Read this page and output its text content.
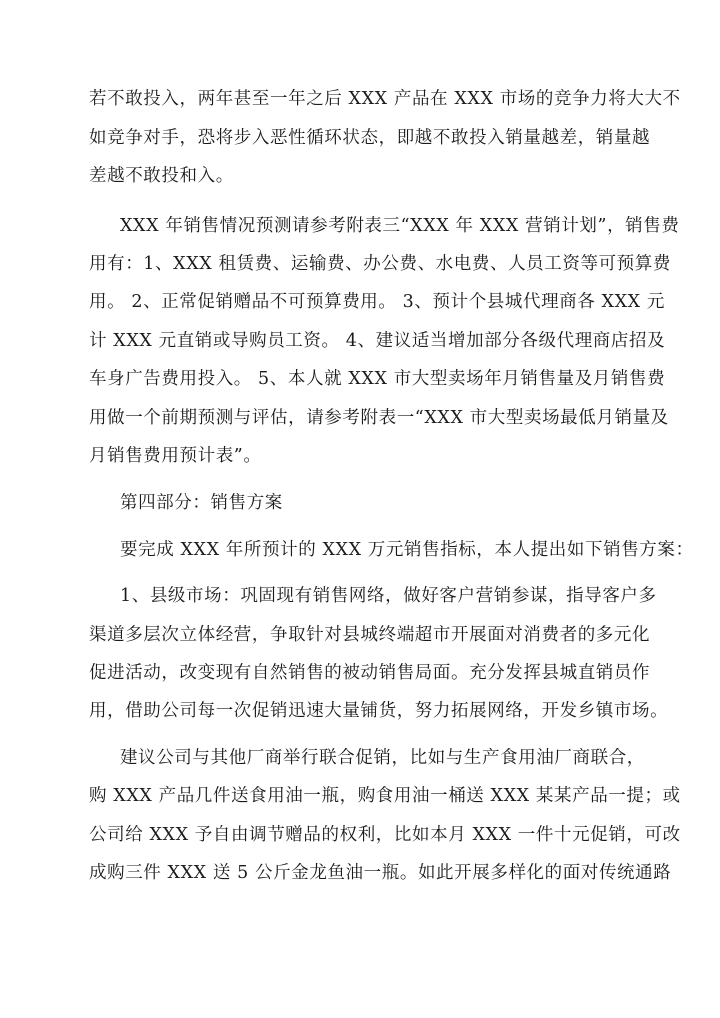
若不敢投入，两年甚至一年之后 XXX 产品在 XXX 市场的竞争力将大大不
如竞争对手，恐将步入恶性循环状态，即越不敢投入销量越差，销量越
差越不敢投和入。
XXX 年销售情况预测请参考附表三“XXX 年 XXX 营销计划”，销售费
用有：1、XXX 租赁费、运输费、办公费、水电费、人员工资等可预算费
用。 2、正常促销赠品不可预算费用。 3、预计个县城代理商各 XXX 元
计 XXX 元直销或导购员工资。 4、建议适当增加部分各级代理商店招及
车身广告费用投入。 5、本人就 XXX 市大型卖场年月销售量及月销售费
用做一个前期预测与评估，请参考附表一“XXX 市大型卖场最低月销量及
月销售费用预计表”。
第四部分：销售方案
要完成 XXX 年所预计的 XXX 万元销售指标，本人提出如下销售方案：
1、县级市场：巩固现有销售网络，做好客户营销参谋，指导客户多
渠道多层次立体经营，争取针对县城终端超市开展面对消费者的多元化
促进活动，改变现有自然销售的被动销售局面。充分发挥县城直销员作
用，借助公司每一次促销迅速大量铺货，努力拓展网络，开发乡镇市场。
建议公司与其他厂商举行联合促销，比如与生产食用油厂商联合，
购 XXX 产品几件送食用油一瓶，购食用油一桶送 XXX 某某产品一提；或
公司给 XXX 予自由调节赠品的权利，比如本月 XXX 一件十元促销，可改
成购三件 XXX 送 5 公斤金龙鱼油一瓶。如此开展多样化的面对传统通路
